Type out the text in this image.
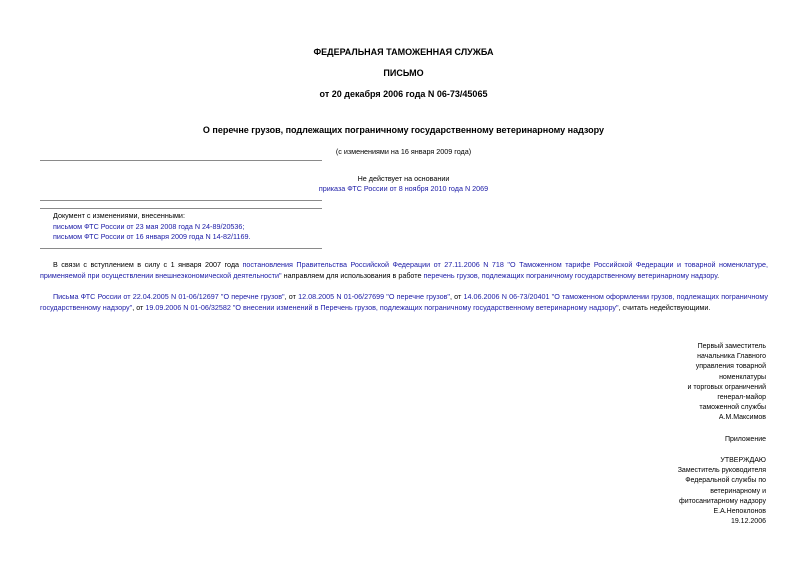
ФЕДЕРАЛЬНАЯ ТАМОЖЕННАЯ СЛУЖБА
ПИСЬМО
от 20 декабря 2006 года N 06-73/45065
О перечне грузов, подлежащих пограничному государственному ветеринарному надзору
(с изменениями на 16 января 2009 года)
Не действует на основании
приказа ФТС России от 8 ноября 2010 года N 2069
Документ с изменениями, внесенными:
письмом ФТС России от 23 мая 2008 года N 24-89/20536;
письмом ФТС России от 16 января 2009 года N 14-82/1169.
В связи с вступлением в силу с 1 января 2007 года постановления Правительства Российской Федерации от 27.11.2006 N 718 "О Таможенном тарифе Российской Федерации и товарной номенклатуре, применяемой при осуществлении внешнеэкономической деятельности" направляем для использования в работе перечень грузов, подлежащих пограничному государственному ветеринарному надзору.
Письма ФТС России от 22.04.2005 N 01-06/12697 "О перечне грузов", от 12.08.2005 N 01-06/27699 "О перечне грузов", от 14.06.2006 N 06-73/20401 "О таможенном оформлении грузов, подлежащих пограничному государственному надзору", от 19.09.2006 N 01-06/32582 "О внесении изменений в Перечень грузов, подлежащих пограничному государственному ветеринарному надзору", считать недействующими.
Первый заместитель
начальника Главного
управления товарной
номенклатуры
и торговых ограничений
генерал-майор
таможенной службы
А.М.Максимов
Приложение
УТВЕРЖДАЮ
Заместитель руководителя
Федеральной службы по
ветеринарному и
фитосанитарному надзору
Е.А.Непоклонов
19.12.2006
